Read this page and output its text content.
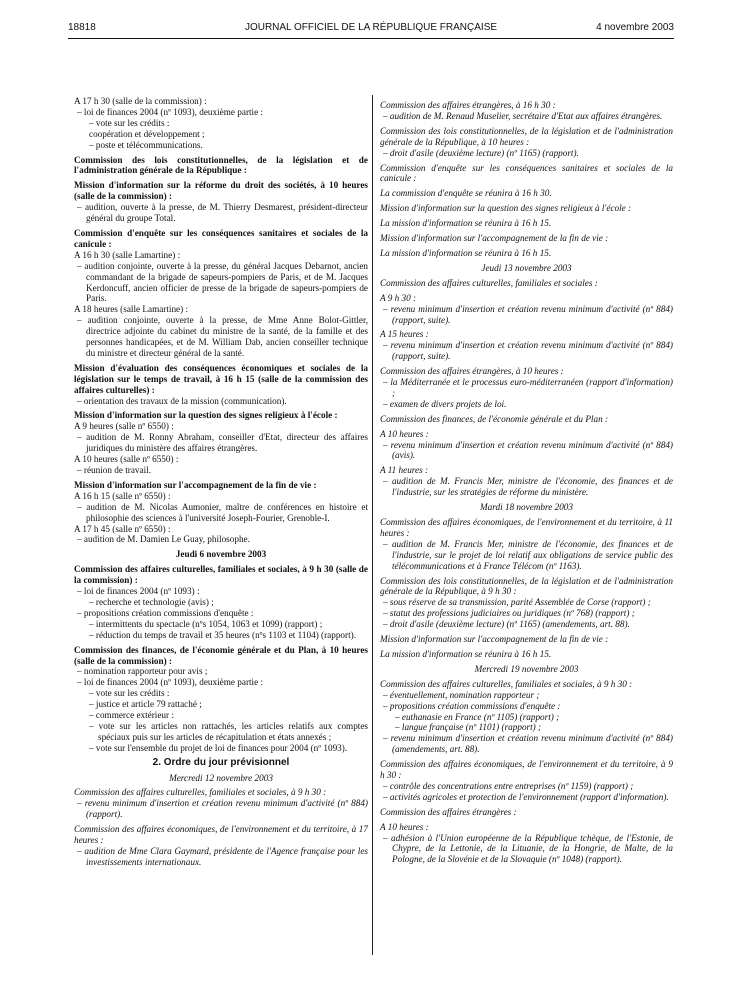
18818	JOURNAL OFFICIEL DE LA RÉPUBLIQUE FRANÇAISE	4 novembre 2003

A 17 h 30 (salle de la commission) :

– loi de finances 2004 (nº 1093), deuxième partie :

– vote sur les crédits :

coopération et développement ;

– poste et télécommunications.

Commission des lois constitutionnelles, de la législation et de l'administration générale de la République :

Mission d'information sur la réforme du droit des sociétés, à 10 heures (salle de la commission) :

– audition, ouverte à la presse, de M. Thierry Desmarest, président-directeur général du groupe Total.

Commission d'enquête sur les conséquences sanitaires et sociales de la canicule :

A 16 h 30 (salle Lamartine) :

– audition conjointe, ouverte à la presse, du général Jacques Debarnot, ancien commandant de la brigade de sapeurs-pompiers de Paris, et de M. Jacques Kerdoncuff, ancien officier de presse de la brigade de sapeurs-pompiers de Paris.

A 18 heures (salle Lamartine) :

– audition conjointe, ouverte à la presse, de Mme Anne Bolot-Gittler, directrice adjointe du cabinet du ministre de la santé, de la famille et des personnes handicapées, et de M. William Dab, ancien conseiller technique du ministre et directeur général de la santé.

Mission d'évaluation des conséquences économiques et sociales de la législation sur le temps de travail, à 16 h 15 (salle de la commission des affaires culturelles) :

– orientation des travaux de la mission (communication).

Mission d'information sur la question des signes religieux à l'école :

A 9 heures (salle nº 6550) :

– audition de M. Ronny Abraham, conseiller d'Etat, directeur des affaires juridiques du ministère des affaires étrangères.

A 10 heures (salle nº 6550) :

– réunion de travail.

Mission d'information sur l'accompagnement de la fin de vie :

A 16 h 15 (salle nº 6550) :

– audition de M. Nicolas Aumonier, maître de conférences en histoire et philosophie des sciences à l'université Joseph-Fourier, Grenoble-I.

A 17 h 45 (salle nº 6550) :

– audition de M. Damien Le Guay, philosophe.

Jeudi 6 novembre 2003

Commission des affaires culturelles, familiales et sociales, à 9 h 30 (salle de la commission) :

– loi de finances 2004 (nº 1093) :

– recherche et technologie (avis) ;

– propositions création commissions d'enquête :

– intermittents du spectacle (nºs 1054, 1063 et 1099) (rapport) ;

– réduction du temps de travail et 35 heures (nºs 1103 et 1104) (rapport).

Commission des finances, de l'économie générale et du Plan, à 10 heures (salle de la commission) :

– nomination rapporteur pour avis ;

– loi de finances 2004 (nº 1093), deuxième partie :

– vote sur les crédits :

– justice et article 79 rattaché ;

– commerce extérieur :

– vote sur les articles non rattachés, les articles relatifs aux comptes spéciaux puis sur les articles de récapitulation et états annexés ;

– vote sur l'ensemble du projet de loi de finances pour 2004 (nº 1093).

2. Ordre du jour prévisionnel

Mercredi 12 novembre 2003

Commission des affaires culturelles, familiales et sociales, à 9 h 30 :

– revenu minimum d'insertion et création revenu minimum d'activité (nº 884) (rapport).

Commission des affaires économiques, de l'environnement et du territoire, à 17 heures :

– audition de Mme Clara Gaymard, présidente de l'Agence française pour les investissements internationaux.

Commission des affaires étrangères, à 16 h 30 :

– audition de M. Renaud Muselier, secrétaire d'Etat aux affaires étrangères.

Commission des lois constitutionnelles, de la législation et de l'administration générale de la République, à 10 heures :

– droit d'asile (deuxième lecture) (nº 1165) (rapport).

Commission d'enquête sur les conséquences sanitaires et sociales de la canicule :

La commission d'enquête se réunira à 16 h 30.

Mission d'information sur la question des signes religieux à l'école :

La mission d'information se réunira à 16 h 15.

Mission d'information sur l'accompagnement de la fin de vie :

La mission d'information se réunira à 16 h 15.

Jeudi 13 novembre 2003

Commission des affaires culturelles, familiales et sociales :

A 9 h 30 :

– revenu minimum d'insertion et création revenu minimum d'activité (nº 884) (rapport, suite).

A 15 heures :

– revenu minimum d'insertion et création revenu minimum d'activité (nº 884) (rapport, suite).

Commission des affaires étrangères, à 10 heures :

– la Méditerranée et le processus euro-méditerranéen (rapport d'information) ;

– examen de divers projets de loi.

Commission des finances, de l'économie générale et du Plan :

A 10 heures :

– revenu minimum d'insertion et création revenu minimum d'activité (nº 884) (avis).

A 11 heures :

– audition de M. Francis Mer, ministre de l'économie, des finances et de l'industrie, sur les stratégies de réforme du ministère.

Mardi 18 novembre 2003

Commission des affaires économiques, de l'environnement et du territoire, à 11 heures :

– audition de M. Francis Mer, ministre de l'économie, des finances et de l'industrie, sur le projet de loi relatif aux obligations de service public des télécommunications et à France Télécom (nº 1163).

Commission des lois constitutionnelles, de la législation et de l'administration générale de la République, à 9 h 30 :

– sous réserve de sa transmission, parité Assemblée de Corse (rapport) ;

– statut des professions judiciaires ou juridiques (nº 768) (rapport) ;

– droit d'asile (deuxième lecture) (nº 1165) (amendements, art. 88).

Mission d'information sur l'accompagnement de la fin de vie :

La mission d'information se réunira à 16 h 15.

Mercredi 19 novembre 2003

Commission des affaires culturelles, familiales et sociales, à 9 h 30 :

– éventuellement, nomination rapporteur ;

– propositions création commissions d'enquête :

– euthanasie en France (nº 1105) (rapport) ;

– langue française (nº 1101) (rapport) ;

– revenu minimum d'insertion et création revenu minimum d'activité (nº 884) (amendements, art. 88).

Commission des affaires économiques, de l'environnement et du territoire, à 9 h 30 :

– contrôle des concentrations entre entreprises (nº 1159) (rapport) ;

– activités agricoles et protection de l'environnement (rapport d'information).

Commission des affaires étrangères :

A 10 heures :

– adhésion à l'Union européenne de la République tchèque, de l'Estonie, de Chypre, de la Lettonie, de la Lituanie, de la Hongrie, de Malte, de la Pologne, de la Slovénie et de la Slovaquie (nº 1048) (rapport).
